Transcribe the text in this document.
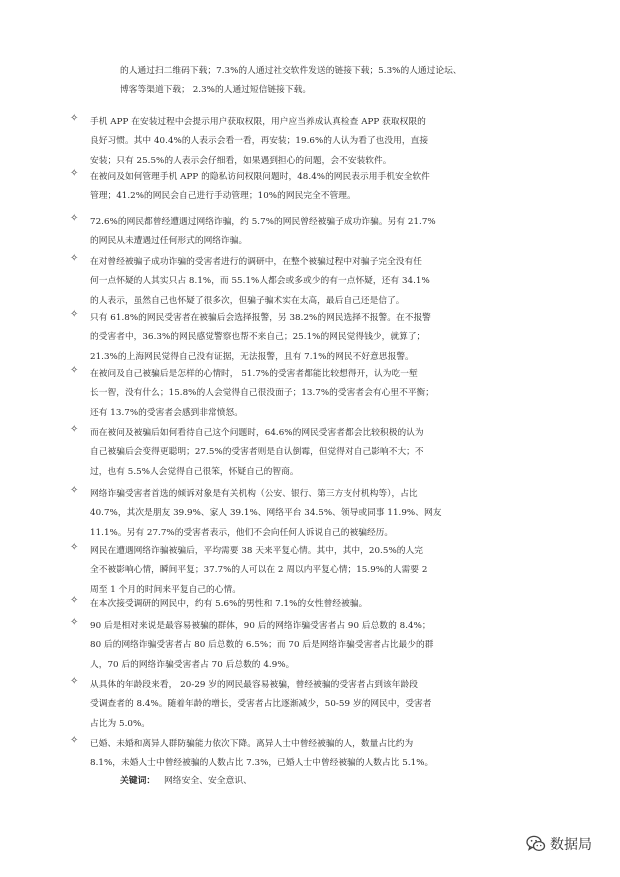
的人通过扫二维码下载；7.3%的人通过社交软件发送的链接下载；5.3%的人通过论坛、
博客等渠道下载； 2.3%的人通过短信链接下载。
✧ 手机 APP 在安装过程中会提示用户获取权限，用户应当养成认真检查 APP 获取权限的
良好习惯。其中 40.4%的人表示会看一看，再安装；19.6%的人认为看了也没用，直接
安装；只有 25.5%的人表示会仔细看，如果遇到担心的问题，会不安装软件。
✧ 在被问及如何管理手机 APP 的隐私访问权限问题时，48.4%的网民表示用手机安全软件
管理；41.2%的网民会自己进行手动管理；10%的网民完全不管理。
✧ 72.6%的网民都曾经遭遇过网络诈骗，约 5.7%的网民曾经被骗子成功诈骗。另有 21.7%
的网民从未遭遇过任何形式的网络诈骗。
✧ 在对曾经被骗子成功诈骗的受害者进行的调研中，在整个被骗过程中对骗子完全没有任
何一点怀疑的人其实只占 8.1%，而 55.1%人都会或多或少的有一点怀疑，还有 34.1%
的人表示，虽然自己也怀疑了很多次，但骗子骗术实在太高，最后自己还是信了。
✧ 只有 61.8%的网民受害者在被骗后会选择报警，另 38.2%的网民选择不报警。在不报警
的受害者中，36.3%的网民感觉警察也帮不来自己；25.1%的网民觉得钱少，就算了；
21.3%的上海网民觉得自己没有证据，无法报警，且有 7.1%的网民不好意思报警。
✧ 在被问及自己被骗后是怎样的心情时， 51.7%的受害者都能比较想得开，认为吃一堑
长一智，没有什么；15.8%的人会觉得自己很没面子；13.7%的受害者会有心里不平衡；
还有 13.7%的受害者会感到非常愤怒。
✧ 而在被问及被骗后如何看待自己这个问题时，64.6%的网民受害者都会比较积极的认为
自己被骗后会变得更聪明；27.5%的受害者则是自认倒霉，但觉得对自己影响不大；不
过，也有 5.5%人会觉得自己很笨，怀疑自己的智商。
✧ 网络诈骗受害者首选的倾诉对象是有关机构（公安、银行、第三方支付机构等），占比
40.7%，其次是朋友 39.9%、家人 39.1%、网络平台 34.5%、领导或同事 11.9%、网友
11.1%。另有 27.7%的受害者表示，他们不会向任何人诉说自己的被骗经历。
✧ 网民在遭遇网络诈骗被骗后，平均需要 38 天来平复心情。其中，其中，20.5%的人完
全不被影响心情，瞬间平复；37.7%的人可以在 2 周以内平复心情；15.9%的人需要 2
周至 1 个月的时间来平复自己的心情。
✧ 在本次接受调研的网民中，约有 5.6%的男性和 7.1%的女性曾经被骗。
✧ 90 后是相对来说是最容易被骗的群体，90 后的网络诈骗受害者占 90 后总数的 8.4%；
80 后的网络诈骗受害者占 80 后总数的 6.5%；而 70 后是网络诈骗受害者占比最少的群
人，70 后的网络诈骗受害者占 70 后总数的 4.9%。
✧ 从具体的年龄段来看， 20-29 岁的网民最容易被骗，曾经被骗的受害者占到该年龄段
受调查者的 8.4%。随着年龄的增长，受害者占比逐渐减少，50-59 岁的网民中，受害者
占比为 5.0%。
✧ 已婚、未婚和离异人群防骗能力依次下降。离异人士中曾经被骗的人，数量占比约为
8.1%，未婚人士中曾经被骗的人数占比 7.3%，已婚人士中曾经被骗的人数占比 5.1%。
关键词： 网络安全、安全意识、
数据局
